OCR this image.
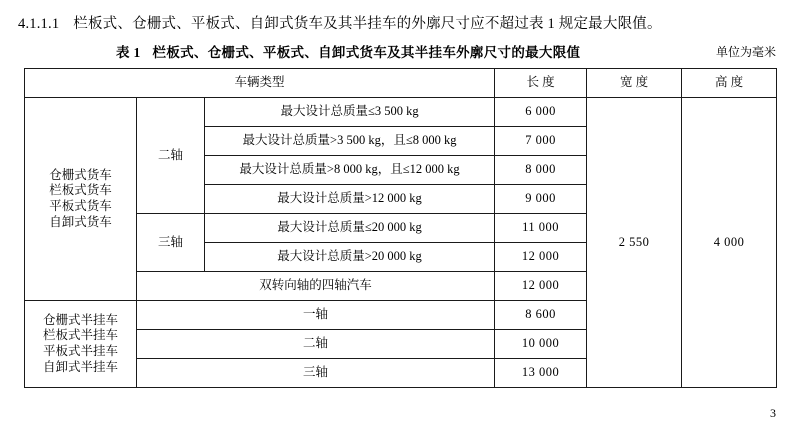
4.1.1.1 栏板式、仓栅式、平板式、自卸式货车及其半挂车的外廓尺寸应不超过表 1 规定最大限值。
表 1 栏板式、仓栅式、平板式、自卸式货车及其半挂车外廓尺寸的最大限值	单位为毫米
车辆类型			长 度	宽 度	高 度

仓栅式货车
栏板式货车
平板式货车
自卸式货车	二轴	最大设计总质量≤3 500 kg	6 000	2 550	4 000
		最大设计总质量>3 500 kg，且≤8 000 kg	7 000		
		最大设计总质量>8 000 kg，且≤12 000 kg	8 000		
		最大设计总质量>12 000 kg	9 000		
	三轴	最大设计总质量≤20 000 kg	11 000		
		最大设计总质量>20 000 kg	12 000		
	双转向轴的四轴汽车		12 000		

仓栅式半挂车
栏板式半挂车
平板式半挂车
自卸式半挂车	一轴		8 600		
	二轴		10 000		
	三轴		13 000		
3
